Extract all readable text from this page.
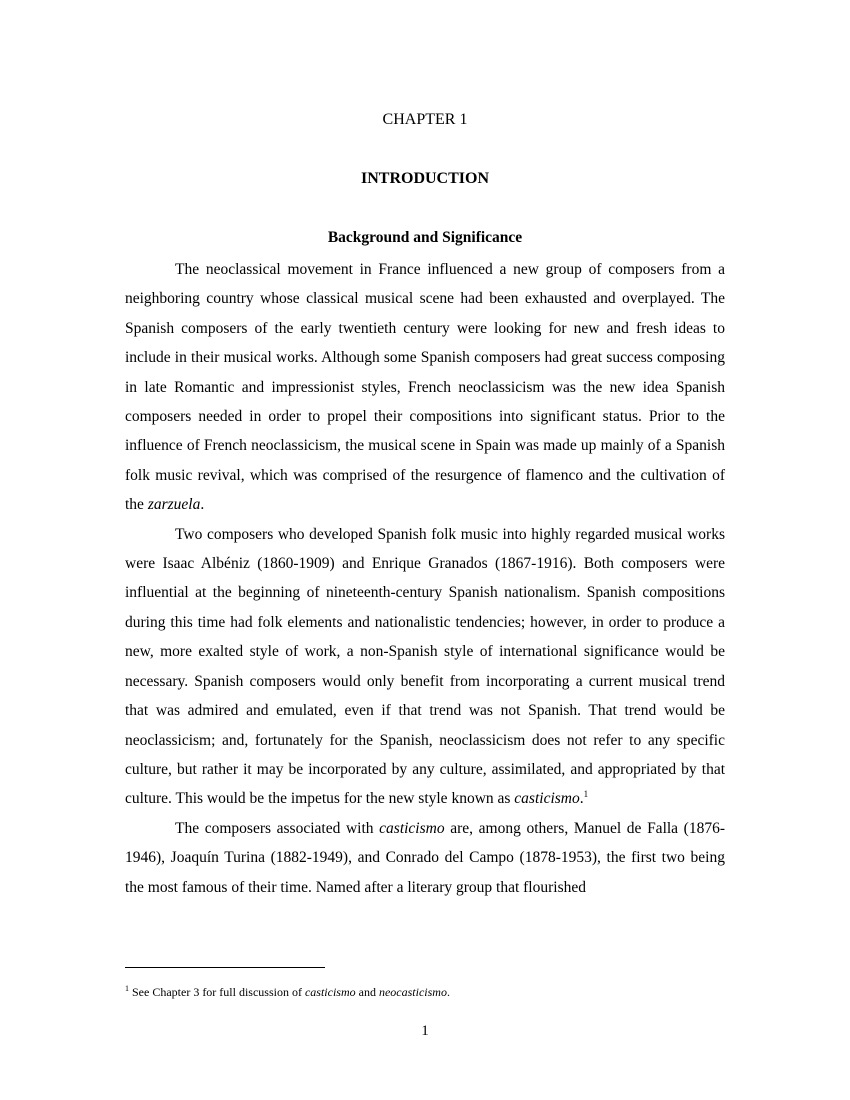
CHAPTER 1
INTRODUCTION
Background and Significance

The neoclassical movement in France influenced a new group of composers from a neighboring country whose classical musical scene had been exhausted and overplayed. The Spanish composers of the early twentieth century were looking for new and fresh ideas to include in their musical works. Although some Spanish composers had great success composing in late Romantic and impressionist styles, French neoclassicism was the new idea Spanish composers needed in order to propel their compositions into significant status. Prior to the influence of French neoclassicism, the musical scene in Spain was made up mainly of a Spanish folk music revival, which was comprised of the resurgence of flamenco and the cultivation of the zarzuela.

Two composers who developed Spanish folk music into highly regarded musical works were Isaac Albéniz (1860-1909) and Enrique Granados (1867-1916). Both composers were influential at the beginning of nineteenth-century Spanish nationalism. Spanish compositions during this time had folk elements and nationalistic tendencies; however, in order to produce a new, more exalted style of work, a non-Spanish style of international significance would be necessary. Spanish composers would only benefit from incorporating a current musical trend that was admired and emulated, even if that trend was not Spanish. That trend would be neoclassicism; and, fortunately for the Spanish, neoclassicism does not refer to any specific culture, but rather it may be incorporated by any culture, assimilated, and appropriated by that culture. This would be the impetus for the new style known as casticismo.$^1$

The composers associated with casticismo are, among others, Manuel de Falla (1876-1946), Joaquín Turina (1882-1949), and Conrado del Campo (1878-1953), the first two being the most famous of their time. Named after a literary group that flourished

$^1$ See Chapter 3 for full discussion of casticismo and neocasticismo.
1
